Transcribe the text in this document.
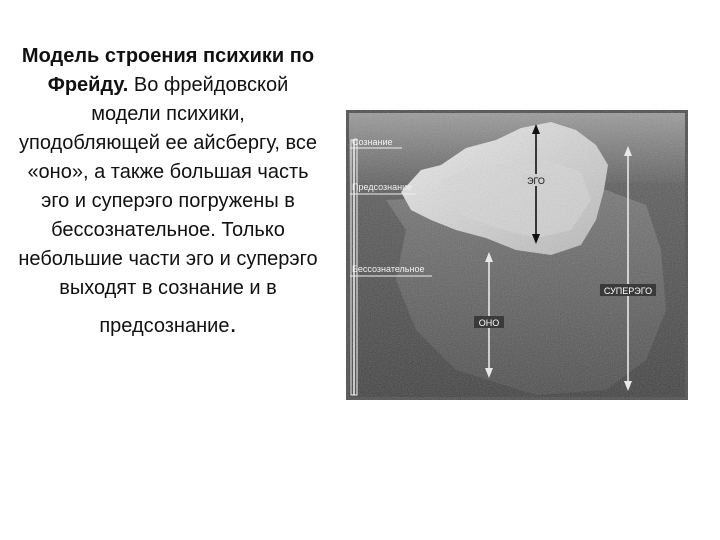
Модель строения психики по Фрейду. Во фрейдовской модели психики, уподобляющей ее айсбергу, все «оно», а также большая часть эго и суперэго погружены в бессознательное. Только небольшие части эго и суперэго выходят в сознание и в
предсознание.
Сознание
Предсознание
Бессознательное
ЭГО
ОНО
СУПЕРЭГО
